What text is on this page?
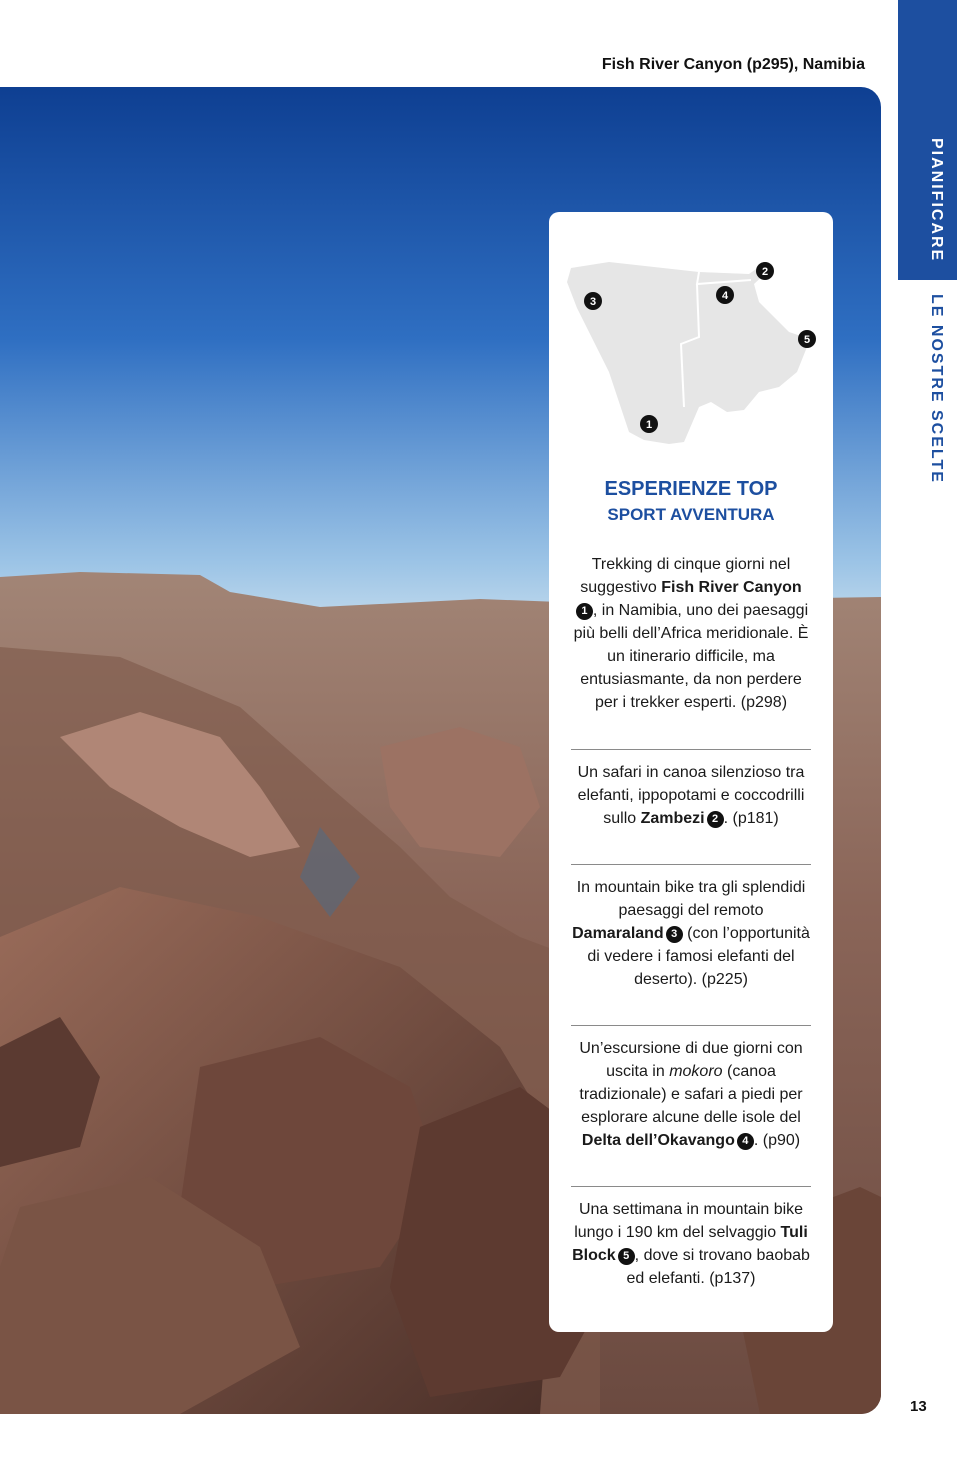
Fish River Canyon (p295), Namibia
PIANIFICARE
LE NOSTRE SCELTE
13
1
2
3	4
5
ESPERIENZE TOP
SPORT AVVENTURA
Trekking di cinque giorni nel suggestivo Fish River Canyon1 , in Namibia, uno dei paesaggi più belli dell’Africa meridionale. È un itinerario difficile, ma entusiasmante, da non perdere per i trekker esperti. (p298)
Un safari in canoa silenzioso tra elefanti, ippopotami e coccodrilli sullo Zambezi 2 . (p181)
In mountain bike tra gli splendidi paesaggi del remoto Damaraland 3 (con l’opportunità di vedere i famosi elefanti del deserto). (p225)
Un’escursione di due giorni con uscita in mokoro (canoa tradizionale) e safari a piedi per esplorare alcune delle isole del Delta dell’Okavango 4 . (p90)
Una settimana in mountain bike lungo i 190 km del selvaggio Tuli Block 5 , dove si trovano baobab ed elefanti. (p137)
